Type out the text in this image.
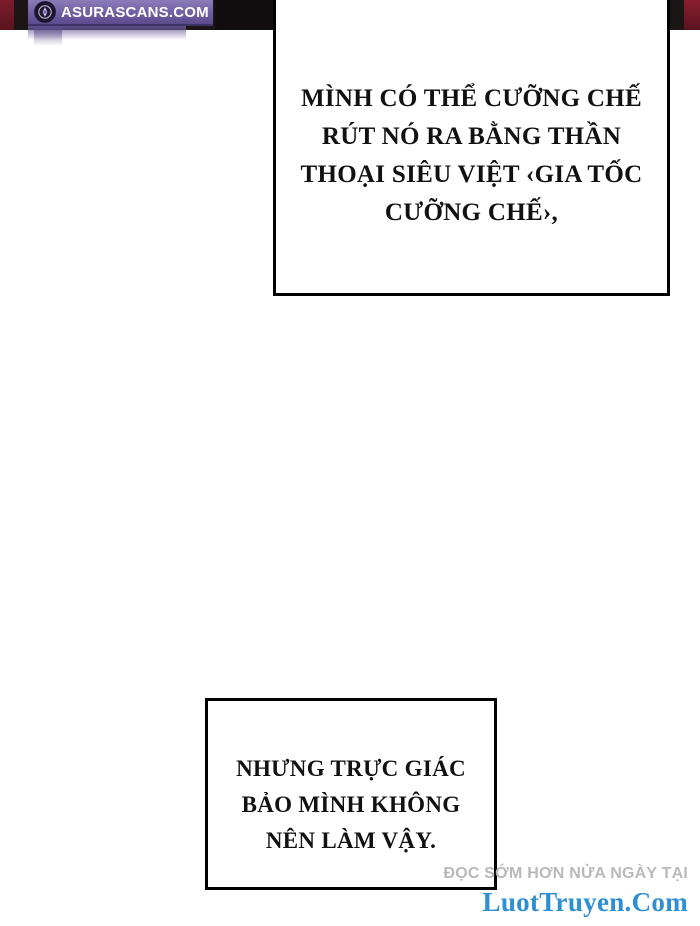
ASURASCANS.COM
MÌNH CÓ THỂ CƯỠNG CHẾ RÚT NÓ RA BẰNG THẦN THOẠI SIÊU VIỆT ‹GIA TỐC CƯỠNG CHẾ›,
NHƯNG TRỰC GIÁC BẢO MÌNH KHÔNG NÊN LÀM VẬY.
ĐỌC SỚM HƠN NỬA NGÀY TẠI
LuotTruyen.Com
